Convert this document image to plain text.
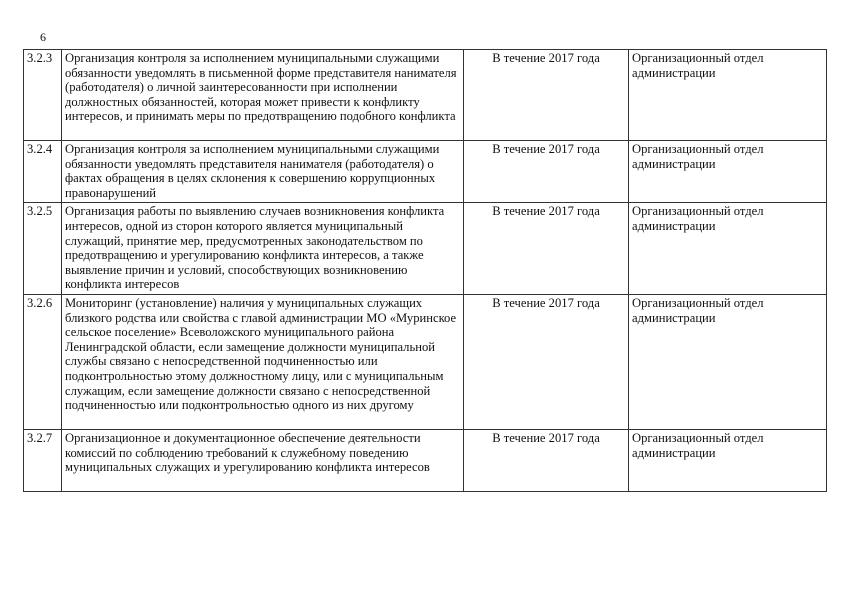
6
3.2.3	Организация контроля за исполнением муниципальными служащими обязанности уведомлять в письменной форме представителя нанимателя (работодателя) о личной заинтересованности при исполнении должностных обязанностей, которая может привести к конфликту интересов, и принимать меры по предотвращению подобного конфликта	В течение 2017 года	Организационный отдел администрации
3.2.4	Организация контроля за исполнением муниципальными служащими обязанности уведомлять представителя нанимателя (работодателя) о фактах обращения в целях склонения к совершению коррупционных правонарушений	В течение 2017 года	Организационный отдел администрации
3.2.5	Организация работы по выявлению случаев возникновения конфликта интересов, одной из сторон которого является муниципальный служащий, принятие мер, предусмотренных законодательством по предотвращению и урегулированию конфликта интересов, а также выявление причин и условий, способствующих возникновению конфликта интересов	В течение 2017 года	Организационный отдел администрации
3.2.6	Мониторинг (установление) наличия у муниципальных служащих близкого родства или свойства с главой администрации МО «Муринское сельское поселение» Всеволожского муниципального района Ленинградской области, если замещение должности муниципальной службы связано с непосредственной подчиненностью или подконтрольностью этому должностному лицу, или с муниципальным служащим, если замещение должности связано с непосредственной подчиненностью или подконтрольностью одного из них другому	В течение 2017 года	Организационный отдел администрации
3.2.7	Организационное и документационное обеспечение деятельности комиссий по соблюдению требований к служебному поведению муниципальных служащих и урегулированию конфликта интересов	В течение 2017 года	Организационный отдел администрации
